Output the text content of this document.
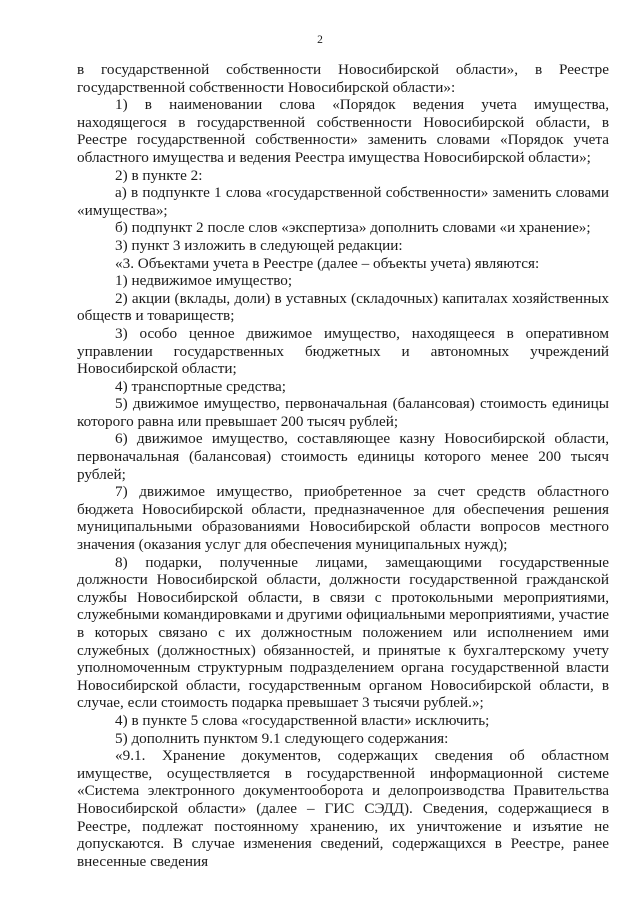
2

в государственной собственности Новосибирской области», в Реестре государственной собственности Новосибирской области»:

1) в наименовании слова «Порядок ведения учета имущества, находящегося в государственной собственности Новосибирской области, в Реестре государственной собственности» заменить словами «Порядок учета областного имущества и ведения Реестра имущества Новосибирской области»;

2) в пункте 2:

а) в подпункте 1 слова «государственной собственности» заменить словами «имущества»;

б) подпункт 2 после слов «экспертиза» дополнить словами «и хранение»;

3) пункт 3 изложить в следующей редакции:

«3. Объектами учета в Реестре (далее – объекты учета) являются:

1) недвижимое имущество;

2) акции (вклады, доли) в уставных (складочных) капиталах хозяйственных обществ и товариществ;

3) особо ценное движимое имущество, находящееся в оперативном управлении государственных бюджетных и автономных учреждений Новосибирской области;

4) транспортные средства;

5) движимое имущество, первоначальная (балансовая) стоимость единицы которого равна или превышает 200 тысяч рублей;

6) движимое имущество, составляющее казну Новосибирской области, первоначальная (балансовая) стоимость единицы которого менее 200 тысяч рублей;

7) движимое имущество, приобретенное за счет средств областного бюджета Новосибирской области, предназначенное для обеспечения решения муниципальными образованиями Новосибирской области вопросов местного значения (оказания услуг для обеспечения муниципальных нужд);

8) подарки, полученные лицами, замещающими государственные должности Новосибирской области, должности государственной гражданской службы Новосибирской области, в связи с протокольными мероприятиями, служебными командировками и другими официальными мероприятиями, участие в которых связано с их должностным положением или исполнением ими служебных (должностных) обязанностей, и принятые к бухгалтерскому учету уполномоченным структурным подразделением органа государственной власти Новосибирской области, государственным органом Новосибирской области, в случае, если стоимость подарка превышает 3 тысячи рублей.»;

4) в пункте 5 слова «государственной власти» исключить;

5) дополнить пунктом 9.1 следующего содержания:

«9.1. Хранение документов, содержащих сведения об областном имуществе, осуществляется в государственной информационной системе «Система электронного документооборота и делопроизводства Правительства Новосибирской области» (далее – ГИС СЭДД). Сведения, содержащиеся в Реестре, подлежат постоянному хранению, их уничтожение и изъятие не допускаются. В случае изменения сведений, содержащихся в Реестре, ранее внесенные сведения
